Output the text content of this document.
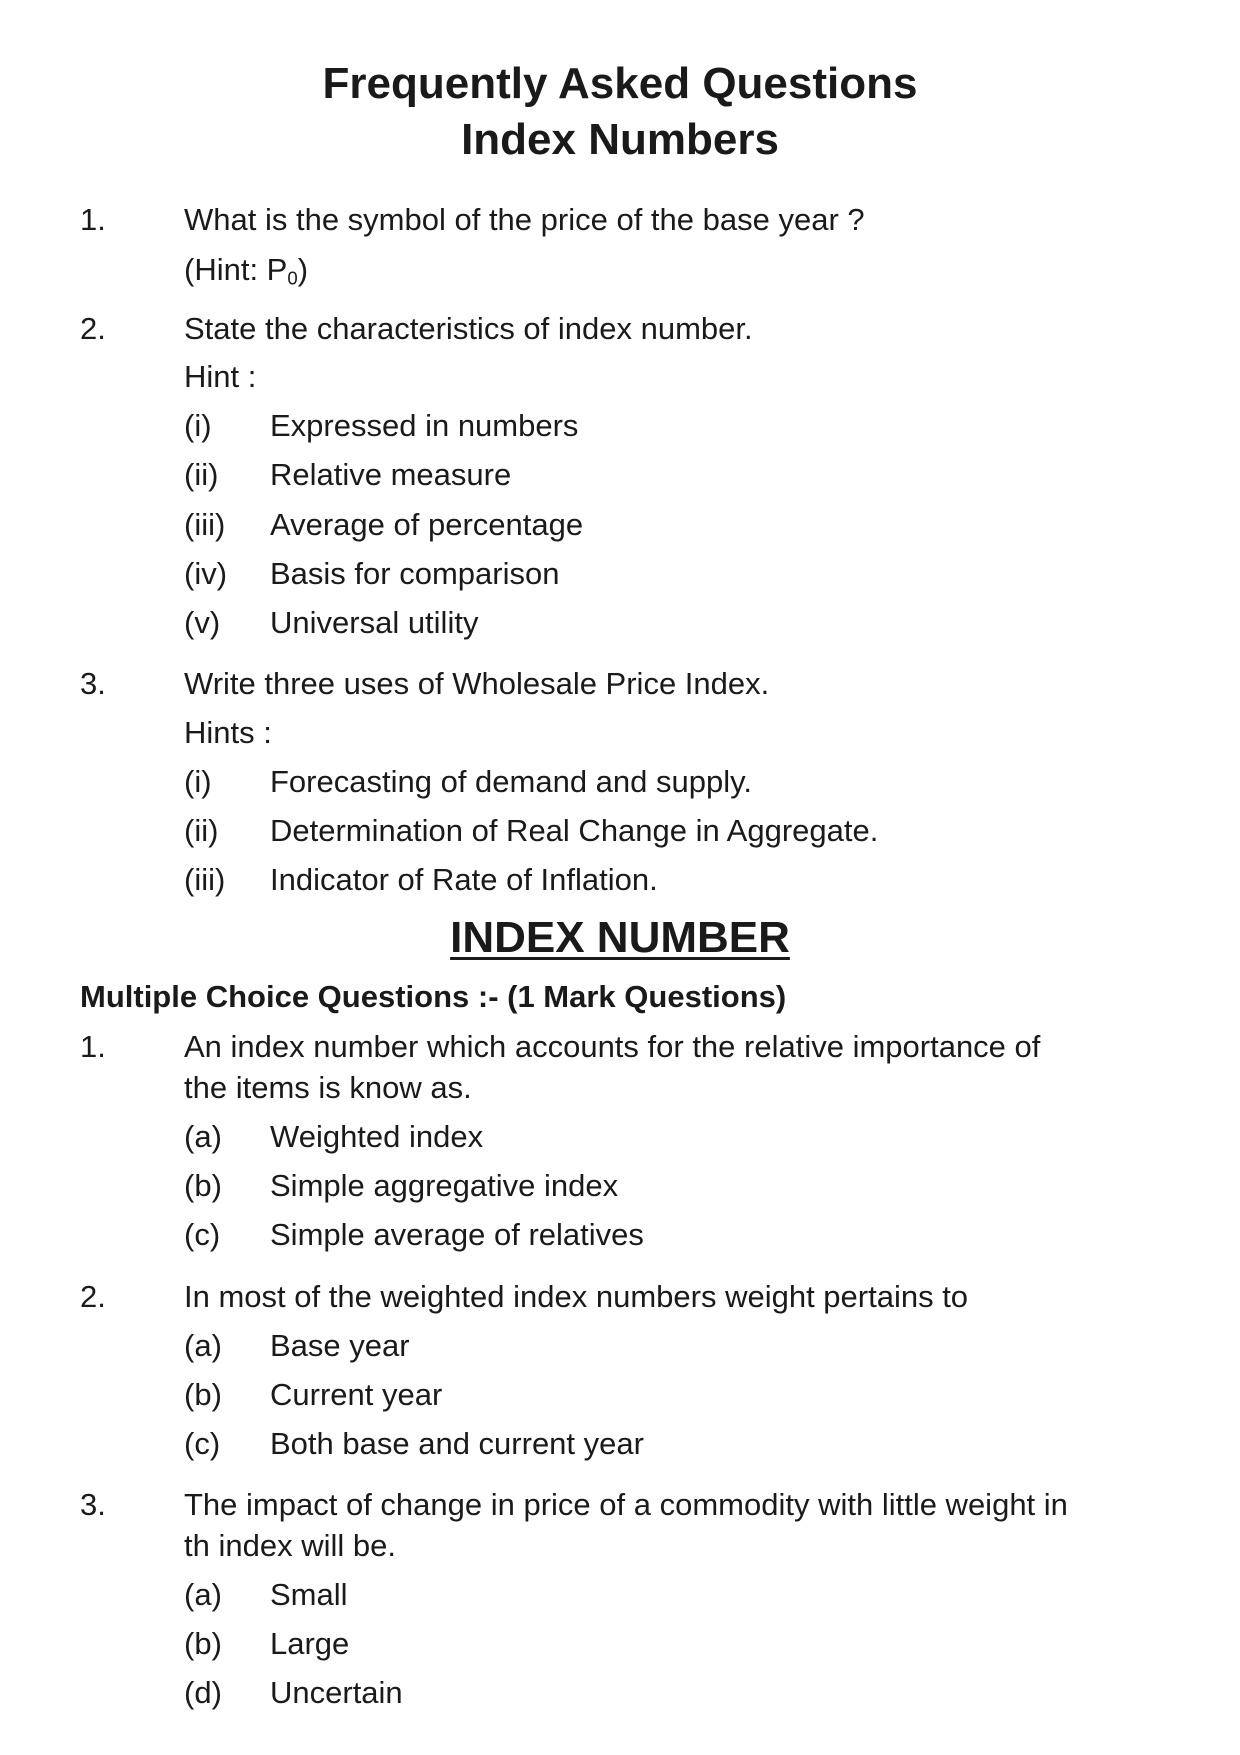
Frequently Asked Questions
Index Numbers
1.	What is the symbol of the price of the base year ?
(Hint: $P_0$)
2.	State the characteristics of index number.
Hint :
(i) Expressed in numbers
(ii) Relative measure
(iii) Average of percentage
(iv) Basis for comparison
(v) Universal utility
3.	Write three uses of Wholesale Price Index.
Hints :
(i) Forecasting of demand and supply.
(ii) Determination of Real Change in Aggregate.
(iii) Indicator of Rate of Inflation.
INDEX NUMBER
Multiple Choice Questions :- (1 Mark Questions)
1.	An index number which accounts for the relative importance of
the items is know as.
(a) Weighted index
(b) Simple aggregative index
(c) Simple average of relatives
2.	In most of the weighted index numbers weight pertains to
(a) Base year
(b) Current year
(c) Both base and current year
3.	The impact of change in price of a commodity with little weight in
th index will be.
(a) Small
(b) Large
(d) Uncertain
